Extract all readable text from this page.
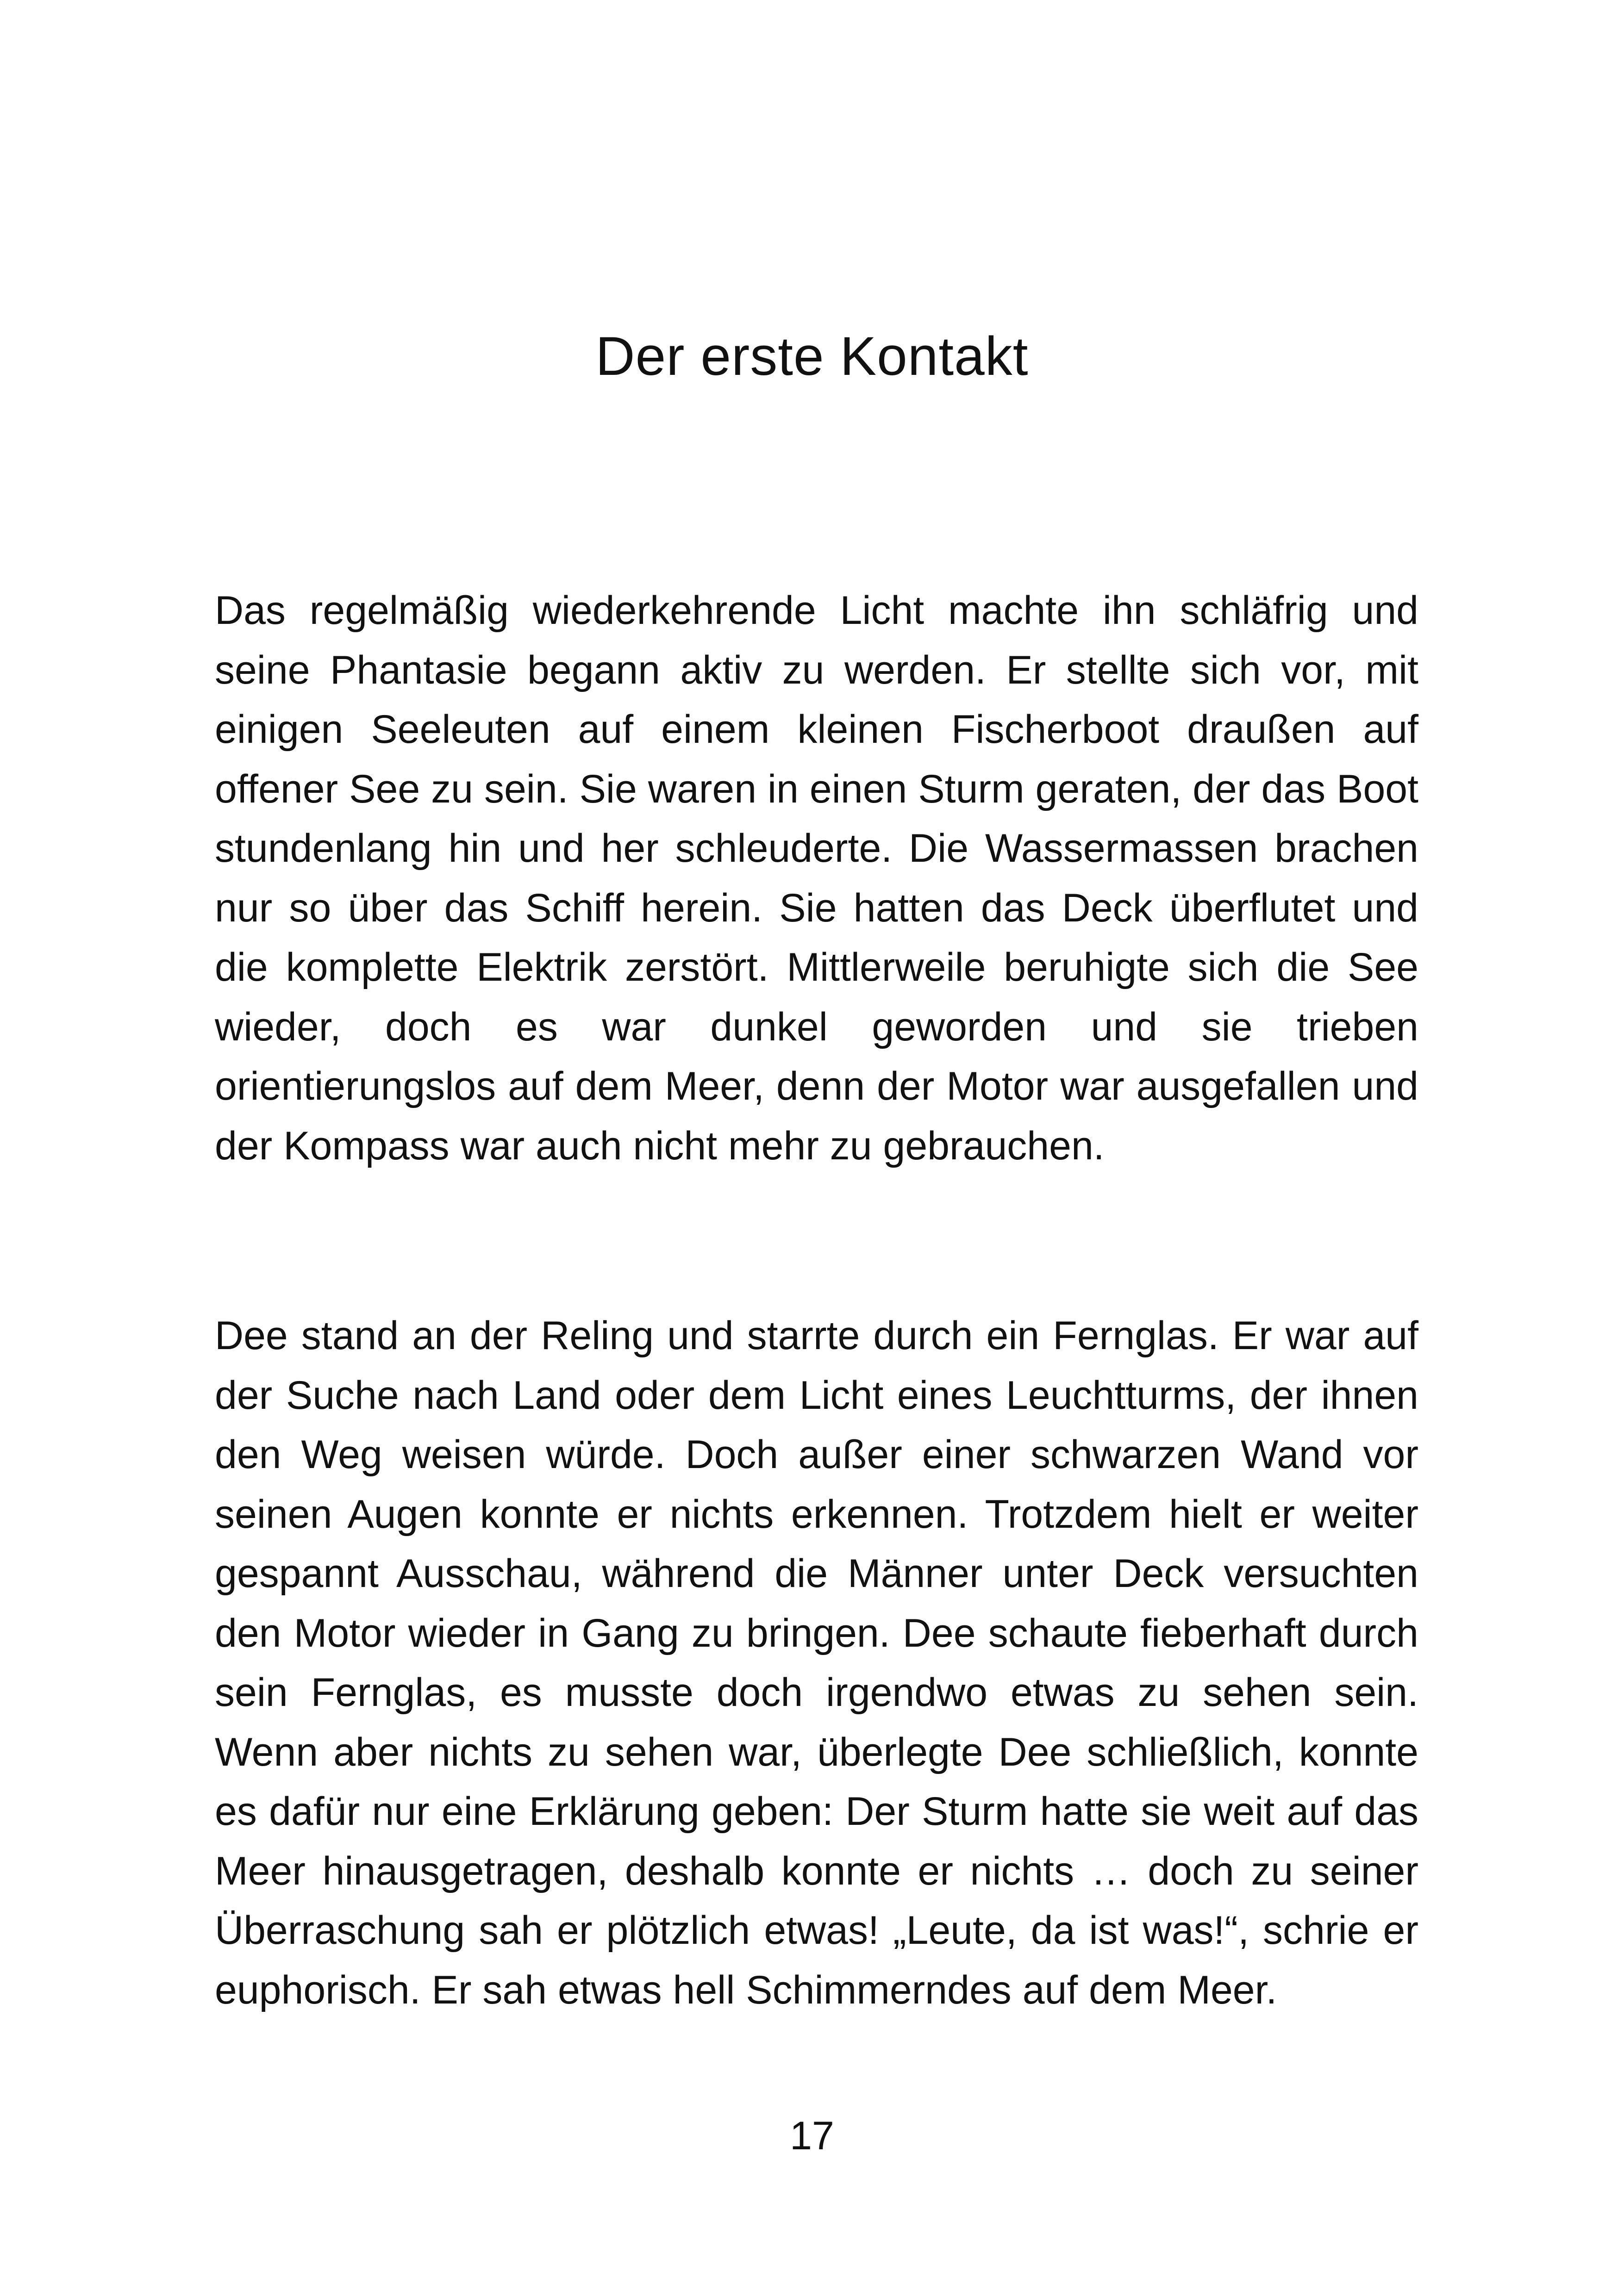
Der erste Kontakt

Das regelmäßig wiederkehrende Licht machte ihn schläfrig und seine Phantasie begann aktiv zu werden. Er stellte sich vor, mit einigen Seeleuten auf einem kleinen Fischerboot draußen auf offener See zu sein. Sie waren in einen Sturm geraten, der das Boot stundenlang hin und her schleuderte. Die Wassermassen brachen nur so über das Schiff herein. Sie hatten das Deck überflutet und die komplette Elektrik zerstört. Mittlerweile beruhigte sich die See wieder, doch es war dunkel geworden und sie trieben orientierungslos auf dem Meer, denn der Motor war ausgefallen und der Kompass war auch nicht mehr zu gebrauchen.

Dee stand an der Reling und starrte durch ein Fernglas. Er war auf der Suche nach Land oder dem Licht eines Leuchtturms, der ihnen den Weg weisen würde. Doch außer einer schwarzen Wand vor seinen Augen konnte er nichts erkennen. Trotzdem hielt er weiter gespannt Ausschau, während die Männer unter Deck versuchten den Motor wieder in Gang zu bringen. Dee schaute fieberhaft durch sein Fernglas, es musste doch irgendwo etwas zu sehen sein. Wenn aber nichts zu sehen war, überlegte Dee schließlich, konnte es dafür nur eine Erklärung geben: Der Sturm hatte sie weit auf das Meer hinausgetragen, deshalb konnte er nichts … doch zu seiner Überraschung sah er plötzlich etwas! „Leute, da ist was!“, schrie er euphorisch. Er sah etwas hell Schimmerndes auf dem Meer.

17
